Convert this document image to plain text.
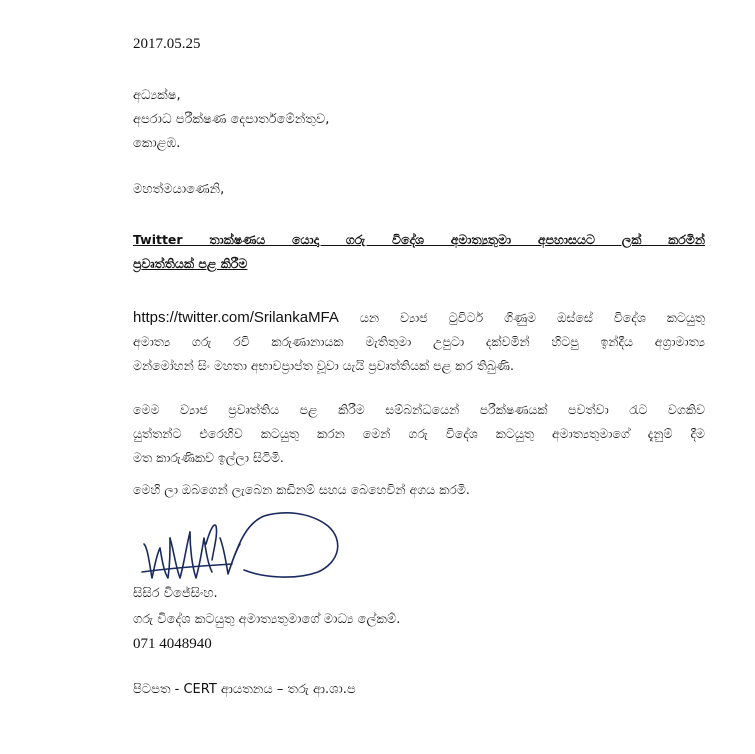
2017.05.25
අධ්‍යක්ෂ,
අපරාධ පරීක්ෂණ දෙපාර්තමේන්තුව,
කොළඹ.
මහත්මයාණෙනි,
Twitter තාක්ෂණය යොදා ගරු විදේශ අමාත්‍යතුමා අපහාසයට ලක් කරමින්
ප්‍රවෘත්තියක් පළ කිරීම
https://twitter.com/SrilankaMFA යන ව්‍යාජ ටුවිටර් ගිණුම ඔස්සේ විදේශ කටයුතු
අමාත්‍ය ගරු රවි කරුණානායක මැතිතුමා උපුටා දක්වමින් හිටපු ඉන්දීය අග්‍රාමාත්‍ය
මන්මෝහන් සිං මහතා අභාවප්‍රාප්ත වූවා යැයි ප්‍රවෘත්තියක් පළ කර තිබුණි.
මෙම ව්‍යාජ ප්‍රවෘත්තිය පළ කිරීම සම්බන්ධයෙන් පරීක්ෂණයක් පවත්වා රැට වගකිව
යුත්තන්ට එරෙහිව කටයුතු කරන මෙන් ගරු විදේශ කටයුතු අමාත්‍යතුමාගේ දැනුම් දීම
මත කාරුණිකව ඉල්ලා සිටිමි.
මෙහි ලා ඔබගෙන් ලැබෙන කඩිනම් සහය බෙහෙවින් අගය කරමි.
සිසිර විජේසිංහ.
ගරු විදේශ කටයුතු අමාත්‍යතුමාගේ මාධ්‍ය ලේකම්.
071 4048940
පිටපත - CERT ආයතනය – තරු ආ.ශා.ප
